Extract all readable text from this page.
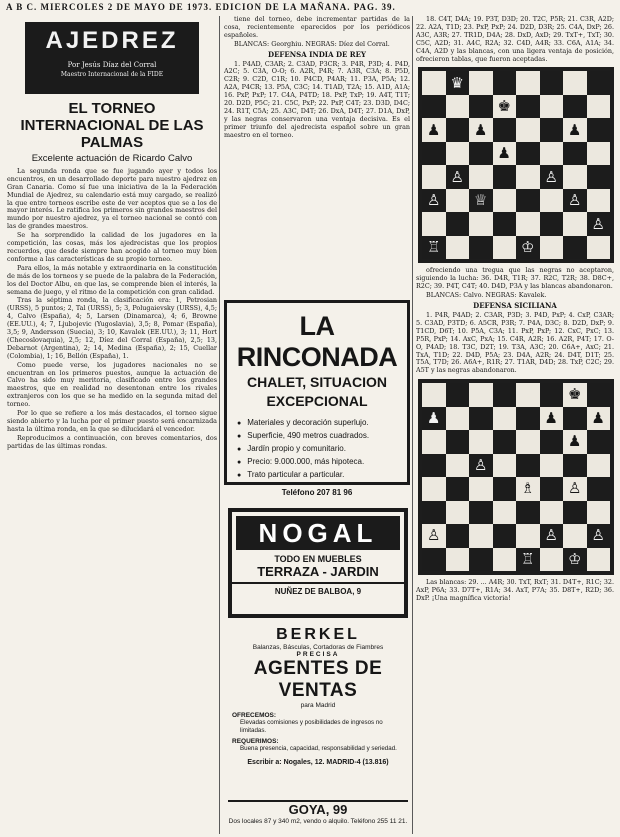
A B C. MIERCOLES 2 DE MAYO DE 1973. EDICION DE LA MAÑANA. PAG. 39.
AJEDREZ
Por Jesús Díaz del Corral
Maestro Internacional de la FIDE
EL TORNEO INTERNACIONAL DE LAS PALMAS
Excelente actuación de Ricardo Calvo

La segunda ronda que se fue jugando ayer y todos los encuentros, en un desarrollado deporte para nuestro ajedrez en Gran Canaria. Como sí fue una iniciativa de la la Federación Mundial de Ajedrez, su calendario está muy cargado, se realizó la que entre torneos escribe este de ver aceptos que se a los de mayor interés. Le ratifica los primeros sin grandes maestros del mundo por nuestro ajedrez, ya el torneo nacional se contó con las de grandes maestros.

Se ha sorprendido la calidad de los jugadores en la competición, las cosas, más los ajedrecistas que los propios recuerdos, que desde siempre han acogido al torneo muy bien conforme a las características de su propio torneo.

Para ellos, la más notable y extraordinaria en la constitución de más de los torneos y se puede de la palabra de la Federación, los del Doctor Albu, en que las, se comprende bien el interés, la semana de juego, y el ritmo de la competición con gran calidad.

Tras la séptima ronda, la clasificación era: 1, Petrosian (URSS), 5 puntos; 2, Tal (URSS), 5; 3, Polugaievsky (URSS), 4,5; 4, Calvo (España), 4; 5, Larsen (Dinamarca), 4; 6, Browne (EE.UU.), 4; 7, Ljubojevic (Yugoslavia), 3,5; 8, Pomar (España), 3,5; 9, Andersson (Suecia), 3; 10, Kavalek (EE.UU.), 3; 11, Hort (Checoslovaquia), 2,5; 12, Díez del Corral (España), 2,5; 13, Debarnot (Argentina), 2; 14, Medina (España), 2; 15, Cuellar (Colombia), 1; 16, Bellón (España), 1.

Como puede verse, los jugadores nacionales no se encuentran en los primeros puestos, aunque la actuación de Calvo ha sido muy meritoria, clasificado entre los grandes maestros, que en realidad no desentonan entre los rivales extranjeros con los que se ha medido en la segunda mitad del torneo.

Por lo que se refiere a los más destacados, el torneo sigue siendo abierto y la lucha por el primer puesto será encarnizada hasta la última ronda, en la que se dilucidará el vencedor.

Reproducimos a continuación, con breves comentarios, dos partidas de las últimas rondas.

tiene del torneo, debe incrementar partidas de la cosa, recientemente eparecidos por los periódicos españoles.

BLANCAS: Georghiu. NEGRAS: Díez del Corral.

DEFENSA INDIA DE REY

1. P4AD, C3AR; 2. C3AD, P3CR; 3. P4R, P3D; 4. P4D, A2C; 5. C3A, O-O; 6. A2R, P4R; 7. A3R, C3A; 8. P5D, C2R; 9. C2D, C1R; 10. P4CD, P4AR; 11. P3A, P5A; 12. A2A, P4CR; 13. P5A, C3C; 14. T1AD, T2A; 15. A1D, A1A; 16. PxP, PxP; 17. C4A, P4TD; 18. PxP, TxP; 19. A4T, T1T; 20. D2D, P5C; 21. C5C, PxP; 22. PxP, C4T; 23. D3D, D4C; 24. R1T, C5A; 25. A3C, D4T; 26. DxA, D4T; 27. D1A, DxP, y las negras conservaron una ventaja decisiva. Es el primer triunfo del ajedrecista español sobre un gran maestro en el torneo.

LA RINCONADA
CHALET, SITUACION
EXCEPCIONAL
● Materiales y decoración superlujo.
● Superficie, 490 metros cuadrados.
● Jardín propio y comunitario.
● Precio: 9.000.000, más hipoteca.
● Trato particular a particular.
Teléfono 207 81 96
NOGAL
TODO EN MUEBLES
TERRAZA - JARDIN
NUÑEZ DE BALBOA, 9
BERKEL
Balanzas, Básculas, Cortadoras de Fiambres
PRECISA
AGENTES DE VENTAS
para Madrid
OFRECEMOS:
Elevadas comisiones y posibilidades de ingresos no limitadas.
REQUERIMOS:
Buena presencia, capacidad, responsabilidad y seriedad.
Escribir a: Nogales, 12. MADRID-4 (13.816)
GOYA, 99
Dos locales 87 y 340 m2, vendo o alquilo. Teléfono 255 11 21.

18. C4T, D4A; 19. P3T, D3D; 20. T2C, P5R; 21. C3R, A2D; 22. A2A, T1D; 23. PxP, PxP; 24. D2D, D3R; 25. C4A, DxP; 26. A3C, A3R; 27. TR1D, D4A; 28. DxD, AxD; 29. TxT+, TxT; 30. C5C, A2D; 31. A4C, R2A; 32. C4D, A4R; 33. C6A, A1A; 34. C4A, A2D y las blancas, con una ligera ventaja de posición, ofrecieron tablas, que fueron aceptadas.

♛
♚
♟	♟	♟
♟
♙	♙
♙	♕	♙
♙
♖	♔

ofreciendo una tregua que las negras no aceptaron, siguiendo la lucha: 36. D4R, T1R; 37. R2C, T2R; 38. D8C+, R2C; 39. P4T, C4T; 40. D4D, P3A y las blancas abandonaron.

BLANCAS: Calvo. NEGRAS: Kavalek.

DEFENSA SICILIANA

1. P4R, P4AD; 2. C3AR, P3D; 3. P4D, PxP; 4. CxP, C3AR; 5. C3AD, P3TD; 6. A5CR, P3R; 7. P4A, D3C; 8. D2D, DxP; 9. T1CD, D6T; 10. P5A, C3A; 11. PxP, PxP; 12. CxC, PxC; 13. P5R, PxP; 14. AxC, PxA; 15. C4R, A2R; 16. A2R, P4T; 17. O-O, P4AD; 18. T3C, D2T; 19. T3A, A3C; 20. C6A+, AxC; 21. TxA, T1D; 22. D4D, P5A; 23. D4A, A2R; 24. D4T, D1T; 25. T5A, T7D; 26. A6A+, R1R; 27. T1AR, D4D; 28. TxP, C2C; 29. A5T y las negras abandonaron.

♚
♟	♟	♟
♟
♙
♗	♙
♙	♙	♙
♖	♔

Las blancas: 29. ... A4R; 30. TxT, RxT; 31. D4T+, R1C; 32. AxP, P6A; 33. D7T+, R1A; 34. AxT, P7A; 35. D8T+, R2D; 36. DxP. ¡Una magnífica victoria!
